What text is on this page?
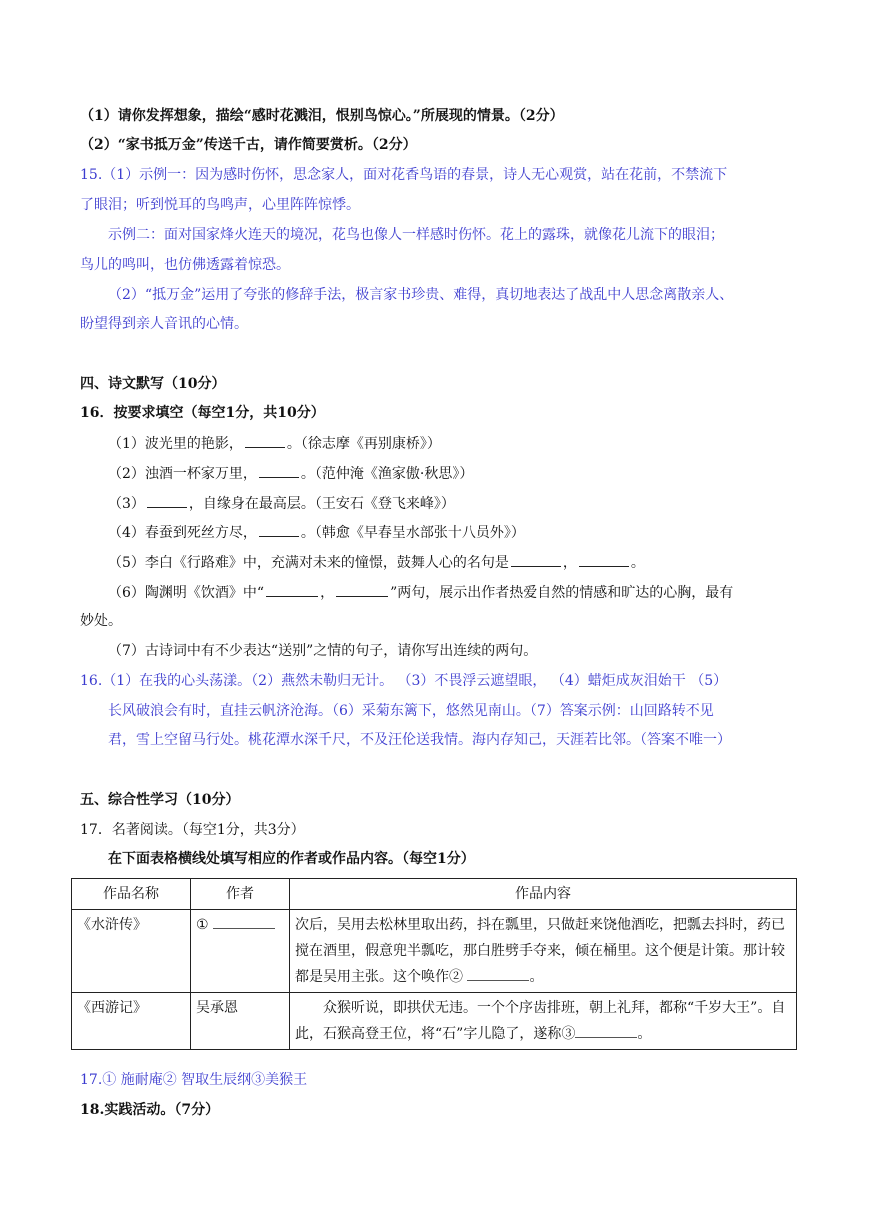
（1）请你发挥想象，描绘“感时花溅泪，恨别鸟惊心。”所展现的情景。（2分）
（2）“家书抵万金”传送千古，请作简要赏析。（2分）
15.（1）示例一：因为感时伤怀，思念家人，面对花香鸟语的春景，诗人无心观赏，站在花前，不禁流下
了眼泪；听到悦耳的鸟鸣声，心里阵阵惊悸。
示例二：面对国家烽火连天的境况，花鸟也像人一样感时伤怀。花上的露珠，就像花儿流下的眼泪；
鸟儿的鸣叫，也仿佛透露着惊恐。
（2）“抵万金”运用了夸张的修辞手法，极言家书珍贵、难得，真切地表达了战乱中人思念离散亲人、
盼望得到亲人音讯的心情。
四、诗文默写（10分）
16．按要求填空（每空1分，共10分）
（1）波光里的艳影，	。（徐志摩《再别康桥》）
（2）浊酒一杯家万里，	。（范仲淹《渔家傲·秋思》）
（3）	，自缘身在最高层。（王安石《登飞来峰》）
（4）春蚕到死丝方尽，	。（韩愈《早春呈水部张十八员外》）
（5）李白《行路难》中，充满对未来的憧憬，鼓舞人心的名句是	，	。
（6）陶渊明《饮酒》中“	，	”两句，展示出作者热爱自然的情感和旷达的心胸，最有
妙处。
（7）古诗词中有不少表达“送别”之情的句子，请你写出连续的两句。
16.（1）在我的心头荡漾。（2）燕然未勒归无计。 （3）不畏浮云遮望眼， （4）蜡炬成灰泪始干 （5）
长风破浪会有时，直挂云帆济沧海。（6）采菊东篱下，悠然见南山。（7）答案示例：山回路转不见
君，雪上空留马行处。桃花潭水深千尺，不及汪伦送我情。海内存知己，天涯若比邻。（答案不唯一）
五、综合性学习（10分）
17．名著阅读。（每空1分，共3分）
在下面表格横线处填写相应的作者或作品内容。（每空1分）
作品名称	作者	作品内容
《水浒传》	①	次后，吴用去松林里取出药，抖在瓢里，只做赶来饶他酒吃，把瓢去抖时，药已搅在酒里，假意兜半瓢吃，那白胜劈手夺来，倾在桶里。这个便是计策。那计较都是吴用主张。这个唤作② 。
《西游记》	吴承恩	众猴听说，即拱伏无违。一个个序齿排班，朝上礼拜，都称“千岁大王”。自此，石猴高登王位，将“石”字儿隐了，遂称③ 。
17.① 施耐庵② 智取生辰纲③美猴王
18.实践活动。（7分）
